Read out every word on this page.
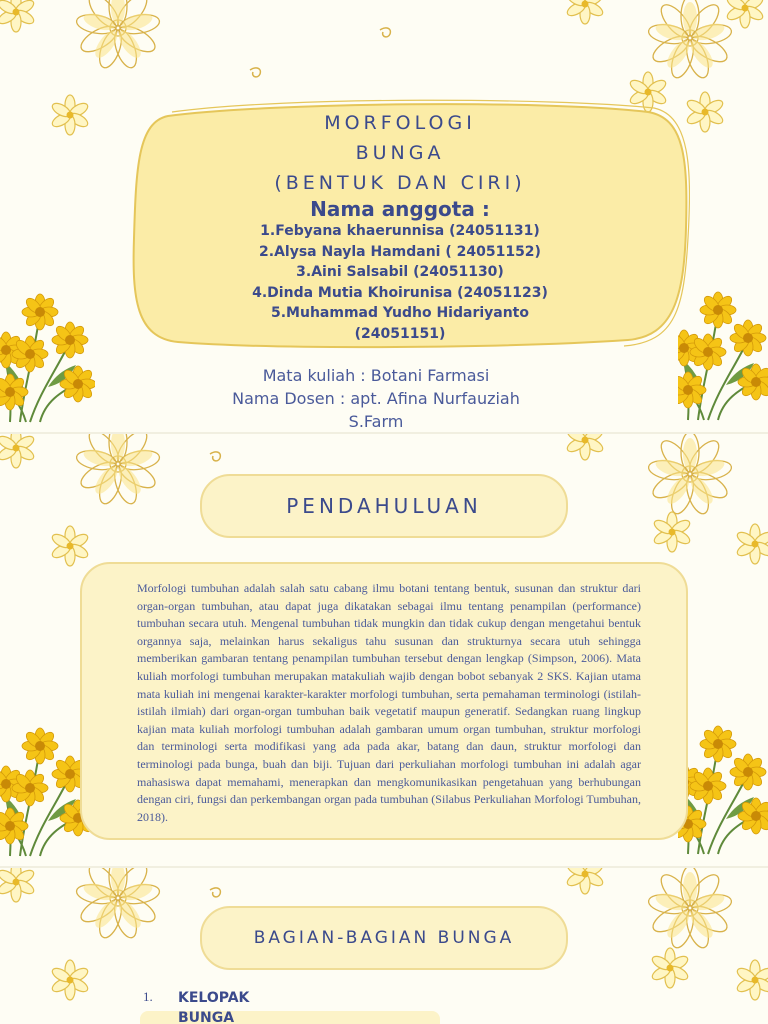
MORFOLOGI
BUNGA
(BENTUK DAN CIRI)
Nama anggota :
1.Febyana khaerunnisa (24051131)
2.Alysa Nayla Hamdani ( 24051152)
3.Aini Salsabil (24051130)
4.Dinda Mutia Khoirunisa (24051123)
5.Muhammad Yudho Hidariyanto
(24051151)
Mata kuliah : Botani Farmasi
Nama Dosen : apt. Afina Nurfauziah
S.Farm
PENDAHULUAN
Morfologi tumbuhan adalah salah satu cabang ilmu botani tentang bentuk, susunan dan struktur dari organ-organ tumbuhan, atau dapat juga dikatakan sebagai ilmu tentang penampilan (performance) tumbuhan secara utuh. Mengenal tumbuhan tidak mungkin dan tidak cukup dengan mengetahui bentuk organnya saja, melainkan harus sekaligus tahu susunan dan strukturnya secara utuh sehingga memberikan gambaran tentang penampilan tumbuhan tersebut dengan lengkap (Simpson, 2006). Mata kuliah morfologi tumbuhan merupakan matakuliah wajib dengan bobot sebanyak 2 SKS. Kajian utama mata kuliah ini mengenai karakter-karakter morfologi tumbuhan, serta pemahaman terminologi (istilah-istilah ilmiah) dari organ-organ tumbuhan baik vegetatif maupun generatif. Sedangkan ruang lingkup kajian mata kuliah morfologi tumbuhan adalah gambaran umum organ tumbuhan, struktur morfologi dan terminologi serta modifikasi yang ada pada akar, batang dan daun, struktur morfologi dan terminologi pada bunga, buah dan biji. Tujuan dari perkuliahan morfologi tumbuhan ini adalah agar mahasiswa dapat memahami, menerapkan dan mengkomunikasikan pengetahuan yang berhubungan dengan ciri, fungsi dan perkembangan organ pada tumbuhan (Silabus Perkuliahan Morfologi Tumbuhan, 2018).
BAGIAN-BAGIAN BUNGA
1. KELOPAK BUNGA
